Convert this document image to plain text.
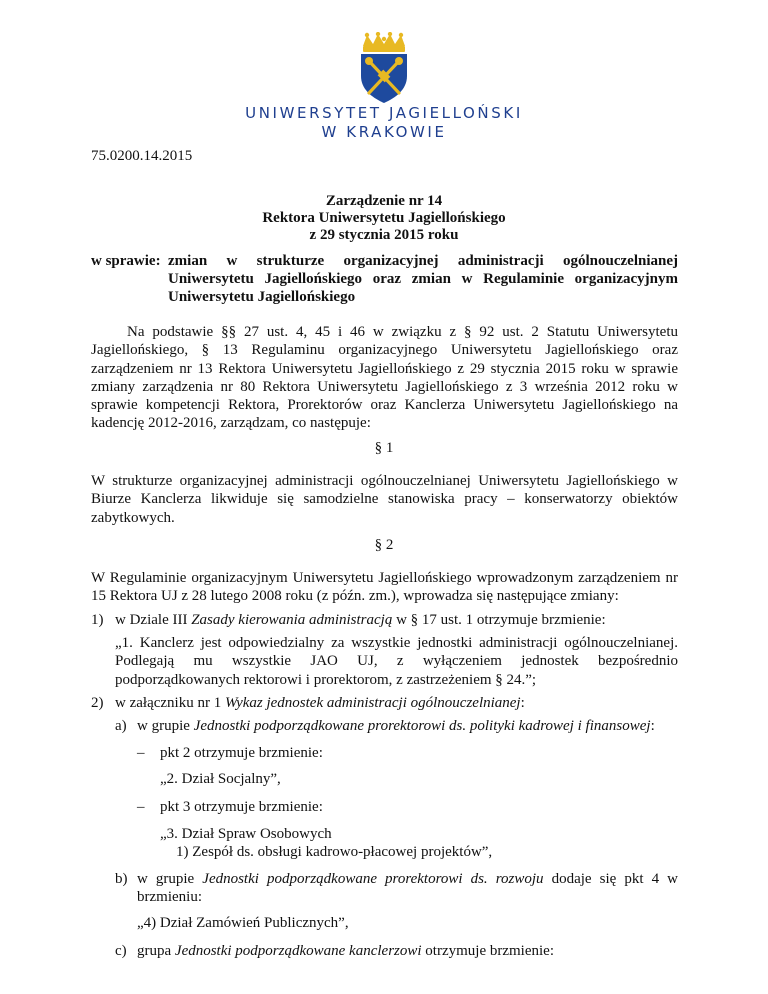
UNIWERSYTET JAGIELLOŃSKI
W KRAKOWIE
75.0200.14.2015
Zarządzenie nr 14
Rektora Uniwersytetu Jagiellońskiego
z 29 stycznia 2015 roku
w sprawie: zmian w strukturze organizacyjnej administracji ogólnouczelnianej Uniwersytetu Jagiellońskiego oraz zmian w Regulaminie organizacyjnym Uniwersytetu Jagiellońskiego
Na podstawie §§ 27 ust. 4, 45 i 46 w związku z § 92 ust. 2 Statutu Uniwersytetu Jagiellońskiego, § 13 Regulaminu organizacyjnego Uniwersytetu Jagiellońskiego oraz zarządzeniem nr 13 Rektora Uniwersytetu Jagiellońskiego z 29 stycznia 2015 roku w sprawie zmiany zarządzenia nr 80 Rektora Uniwersytetu Jagiellońskiego z 3 września 2012 roku w sprawie kompetencji Rektora, Prorektorów oraz Kanclerza Uniwersytetu Jagiellońskiego na kadencję 2012-2016, zarządzam, co następuje:
§ 1
W strukturze organizacyjnej administracji ogólnouczelnianej Uniwersytetu Jagiellońskiego w Biurze Kanclerza likwiduje się samodzielne stanowiska pracy – konserwatorzy obiektów zabytkowych.
§ 2
W Regulaminie organizacyjnym Uniwersytetu Jagiellońskiego wprowadzonym zarządzeniem nr 15 Rektora UJ z 28 lutego 2008 roku (z późn. zm.), wprowadza się następujące zmiany:
1) w Dziale III Zasady kierowania administracją w § 17 ust. 1 otrzymuje brzmienie:
„1. Kanclerz jest odpowiedzialny za wszystkie jednostki administracji ogólnouczelnianej. Podlegają mu wszystkie JAO UJ, z wyłączeniem jednostek bezpośrednio podporządkowanych rektorowi i prorektorom, z zastrzeżeniem § 24.”;
2) w załączniku nr 1 Wykaz jednostek administracji ogólnouczelnianej:
a) w grupie Jednostki podporządkowane prorektorowi ds. polityki kadrowej i finansowej:
– pkt 2 otrzymuje brzmienie:
„2. Dział Socjalny”,
– pkt 3 otrzymuje brzmienie:
„3. Dział Spraw Osobowych
1) Zespół ds. obsługi kadrowo-płacowej projektów”,
b) w grupie Jednostki podporządkowane prorektorowi ds. rozwoju dodaje się pkt 4 w brzmieniu:
„4) Dział Zamówień Publicznych”,
c) grupa Jednostki podporządkowane kanclerzowi otrzymuje brzmienie:
